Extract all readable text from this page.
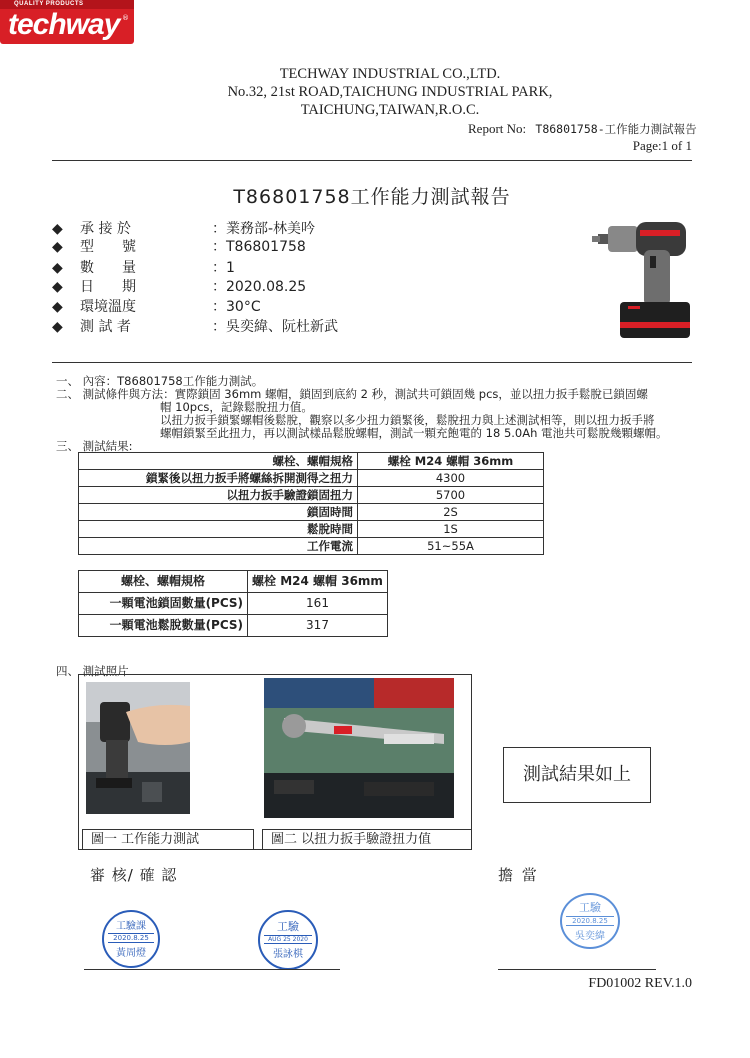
QUALITY PRODUCTS
techway ®
TECHWAY INDUSTRIAL CO.,LTD.
No.32, 21st ROAD,TAICHUNG INDUSTRIAL PARK,
TAICHUNG,TAIWAN,R.O.C.
Report No: T86801758-工作能力測試報告
Page:1 of 1
T86801758工作能力測試報告
◆ 承 接 於	：業務部-林美吟
◆ 型　　號	：T86801758
◆ 數　　量	：1
◆ 日　　期	：2020.08.25
◆ 環境溫度	：30°C
◆ 測 試 者	：吳奕緯、阮杜新武
一、 內容：T86801758工作能力測試。
二、 測試條件與方法：實際鎖固 36mm 螺帽，鎖固到底約 2 秒，測試共可鎖固幾 pcs，並以扭力扳手鬆脫已鎖固螺
帽 10pcs，記錄鬆脫扭力值。
以扭力扳手鎖緊螺帽後鬆脫，觀察以多少扭力鎖緊後，鬆脫扭力與上述測試相等，則以扭力扳手將
螺帽鎖緊至此扭力，再以測試樣品鬆脫螺帽，測試一顆充飽電的 18 5.0Ah 電池共可鬆脫幾顆螺帽。
三、 測試結果:
螺栓、螺帽規格	螺栓 M24 螺帽 36mm
鎖緊後以扭力扳手將螺絲拆開測得之扭力	4300
以扭力扳手驗證鎖固扭力	5700
鎖固時間	2S
鬆脫時間	1S
工作電流	51~55A
螺栓、螺帽規格	螺栓 M24 螺帽 36mm
一顆電池鎖固數量(PCS)	161
一顆電池鬆脫數量(PCS)	317
四、 測試照片
圖一 工作能力測試	圖二 以扭力扳手驗證扭力值
測試結果如上
審 核/ 確 認	擔 當
工驗課
2020.8.25
黃周燈
工驗
AUG 25 2020
張詠棋
工驗
2020.8.25
吳奕緯
FD01002 REV.1.0
